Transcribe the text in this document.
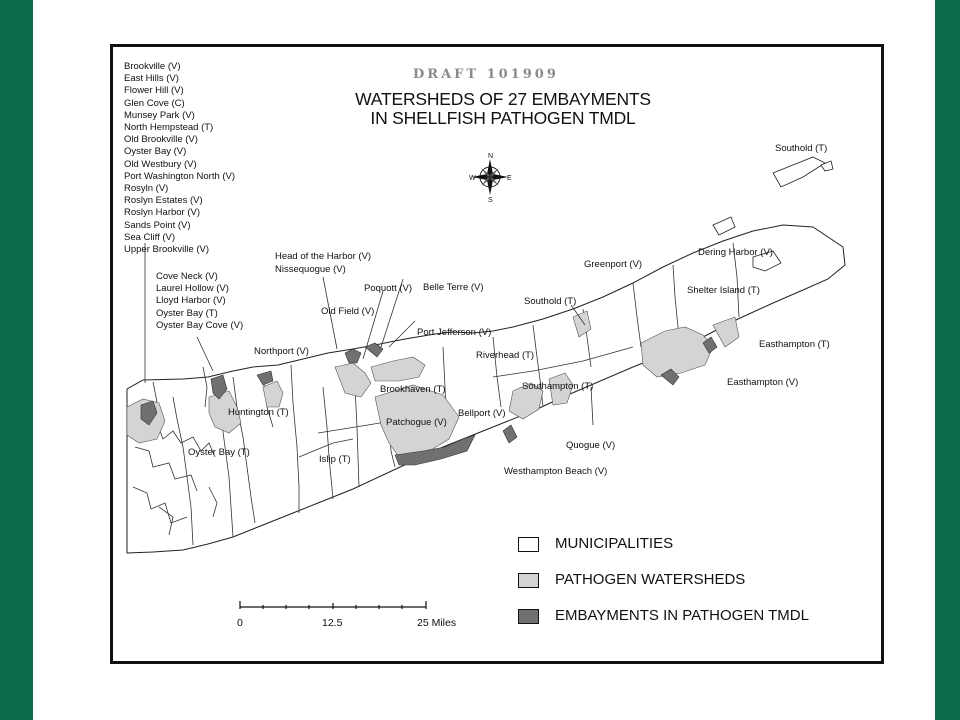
N
S
E
W
DRAFT 101909
WATERSHEDS OF 27 EMBAYMENTS
IN SHELLFISH PATHOGEN TMDL
Brookville (V)
East Hills (V)
Flower Hill (V)
Glen Cove (C)
Munsey Park (V)
North Hempstead (T)
Old Brookville (V)
Oyster Bay (V)
Old Westbury (V)
Port Washington North (V)
Rosyln (V)
Roslyn Estates (V)
Roslyn Harbor (V)
Sands Point (V)
Sea Cliff (V)
Upper Brookville (V)
Cove Neck (V)
Laurel Hollow (V)
Lloyd Harbor (V)
Oyster Bay (T)
Oyster Bay Cove (V)
Southold (T)
Head of the Harbor (V)
Nissequogue (V)	Greenport (V)
Dering Harbor (V)
Poquott (V) Belle Terre (V)	Shelter Island (T)
Southold (T)
Old Field (V)
Port Jefferson (V)
Northport (V)	Riverhead (T)
Easthampton (T)
Brookhaven (T)	Southampton (T)	Easthampton (V)
Huntington (T)	Bellport (V)
Patchogue (V)
Quogue (V)
Oyster Bay (T)
Islip (T)
Westhampton Beach (V)
MUNICIPALITIES
PATHOGEN WATERSHEDS
EMBAYMENTS IN PATHOGEN TMDL
0	12.5	25 Miles
